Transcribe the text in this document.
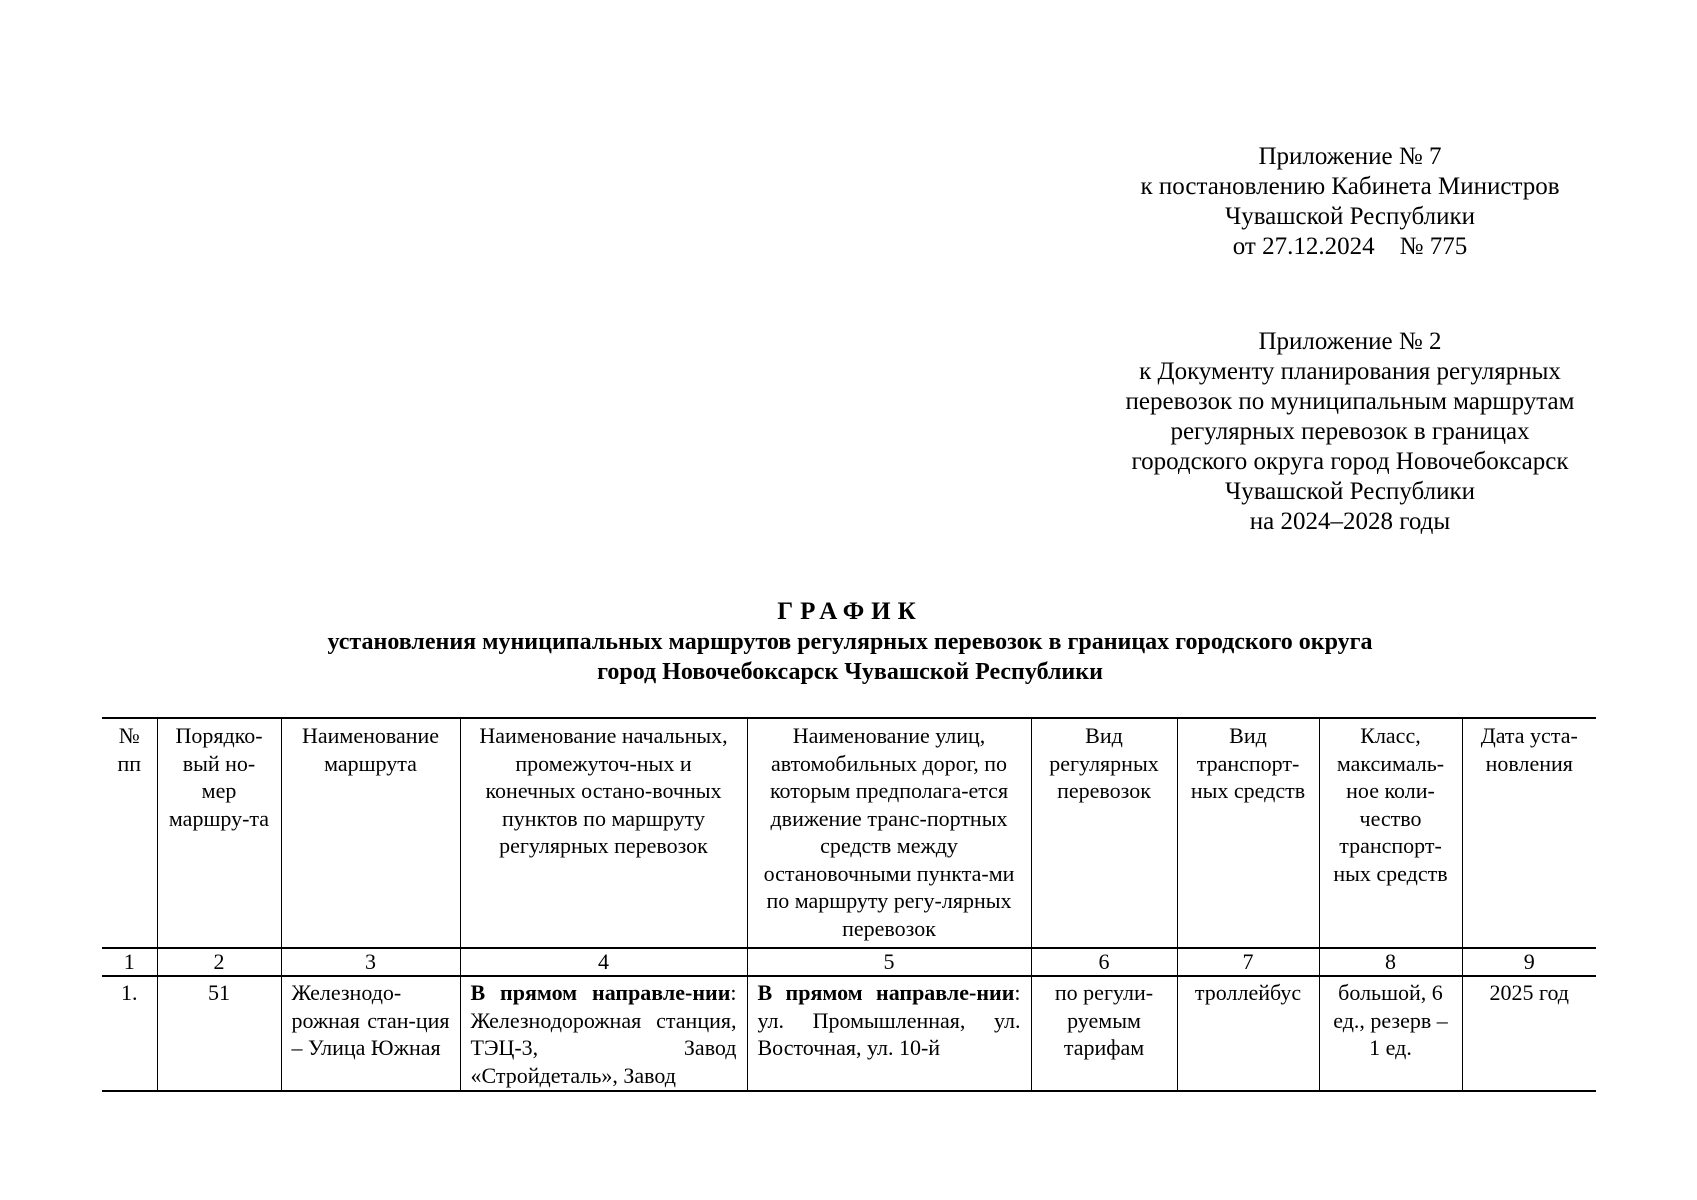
Приложение № 7
к постановлению Кабинета Министров
Чувашской Республики
от 27.12.2024    № 775
Приложение № 2
к Документу планирования регулярных
перевозок по муниципальным маршрутам
регулярных перевозок в границах
городского округа город Новочебоксарск
Чувашской Республики
на 2024–2028 годы
ГРАФИК
установления муниципальных маршрутов регулярных перевозок в границах городского округа
город Новочебоксарск Чувашской Республики
№ пп	Порядко-вый но-мер маршру-та	Наименование маршрута	Наименование начальных, промежуточ-ных и конечных остано-вочных пунктов по маршруту регулярных перевозок	Наименование улиц, автомобильных дорог, по которым предполага-ется движение транс-портных средств между остановочными пункта-ми по маршруту регу-лярных перевозок	Вид регулярных перевозок	Вид транспорт-ных средств	Класс, максималь-ное коли-чество транспорт-ных средств	Дата уста-новления
1	2	3	4	5	6	7	8	9
1.	51	Железнодо-рожная стан-ция – Улица Южная	В прямом направле-нии: Железнодорожная станция, ТЭЦ-3, Завод «Стройдеталь», Завод	В прямом направле-нии: ул. Промышленная, ул. Восточная, ул. 10-й	по регули-руемым тарифам	троллейбус	большой, 6 ед., резерв – 1 ед.	2025 год
